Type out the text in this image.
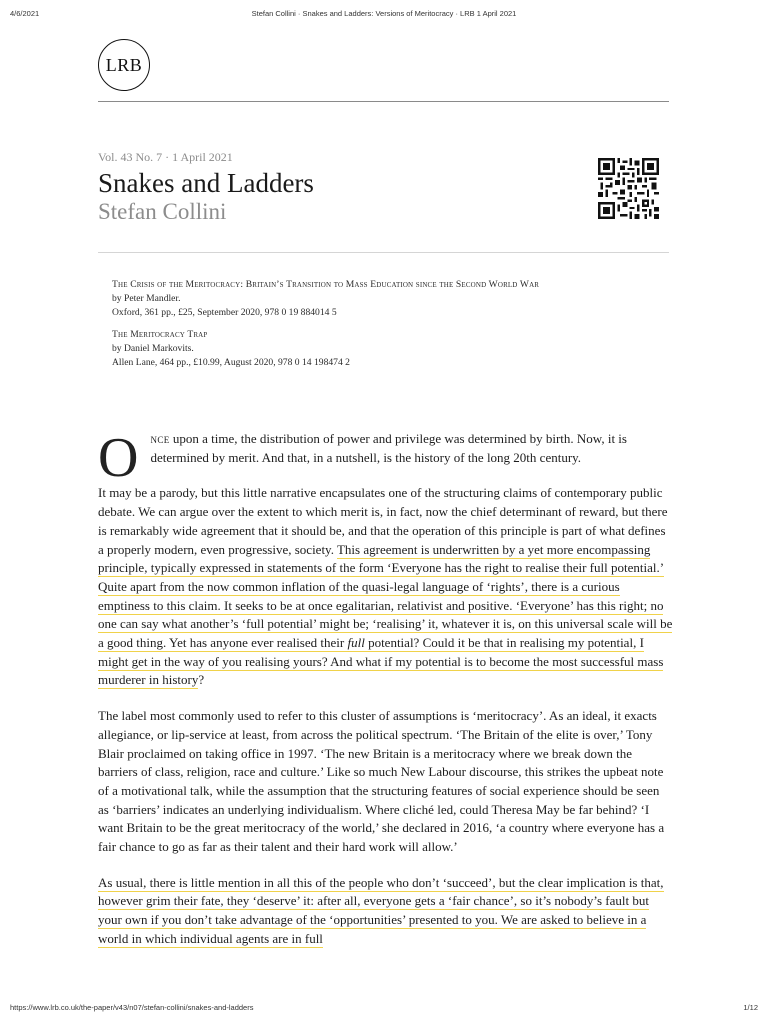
4/6/2021	Stefan Collini · Snakes and Ladders: Versions of Meritocracy · LRB 1 April 2021
LRB
Vol. 43 No. 7 · 1 April 2021
Snakes and Ladders
Stefan Collini
The Crisis of the Meritocracy: Britain’s Transition to Mass Education since the Second World War
by Peter Mandler.
Oxford, 361 pp., £25, September 2020, 978 0 19 884014 5
The Meritocracy Trap
by Daniel Markovits.
Allen Lane, 464 pp., £10.99, August 2020, 978 0 14 198474 2

Once upon a time, the distribution of power and privilege was determined by birth. Now, it is determined by merit. And that, in a nutshell, is the history of the long 20th century.

It may be a parody, but this little narrative encapsulates one of the structuring claims of contemporary public debate. We can argue over the extent to which merit is, in fact, now the chief determinant of reward, but there is remarkably wide agreement that it should be, and that the operation of this principle is part of what defines a properly modern, even progressive, society. This agreement is underwritten by a yet more encompassing principle, typically expressed in statements of the form ‘Everyone has the right to realise their full potential.’ Quite apart from the now common inflation of the quasi-legal language of ‘rights’, there is a curious emptiness to this claim. It seeks to be at once egalitarian, relativist and positive. ‘Everyone’ has this right; no one can say what another’s ‘full potential’ might be; ‘realising’ it, whatever it is, on this universal scale will be a good thing. Yet has anyone ever realised their full potential? Could it be that in realising my potential, I might get in the way of you realising yours? And what if my potential is to become the most successful mass murderer in history?

The label most commonly used to refer to this cluster of assumptions is ‘meritocracy’. As an ideal, it exacts allegiance, or lip-service at least, from across the political spectrum. ‘The Britain of the elite is over,’ Tony Blair proclaimed on taking office in 1997. ‘The new Britain is a meritocracy where we break down the barriers of class, religion, race and culture.’ Like so much New Labour discourse, this strikes the upbeat note of a motivational talk, while the assumption that the structuring features of social experience should be seen as ‘barriers’ indicates an underlying individualism. Where cliché led, could Theresa May be far behind? ‘I want Britain to be the great meritocracy of the world,’ she declared in 2016, ‘a country where everyone has a fair chance to go as far as their talent and their hard work will allow.’

As usual, there is little mention in all this of the people who don’t ‘succeed’, but the clear implication is that, however grim their fate, they ‘deserve’ it: after all, everyone gets a ‘fair chance’, so it’s nobody’s fault but your own if you don’t take advantage of the ‘opportunities’ presented to you. We are asked to believe in a world in which individual agents are in full

https://www.lrb.co.uk/the-paper/v43/n07/stefan-collini/snakes-and-ladders	1/12
